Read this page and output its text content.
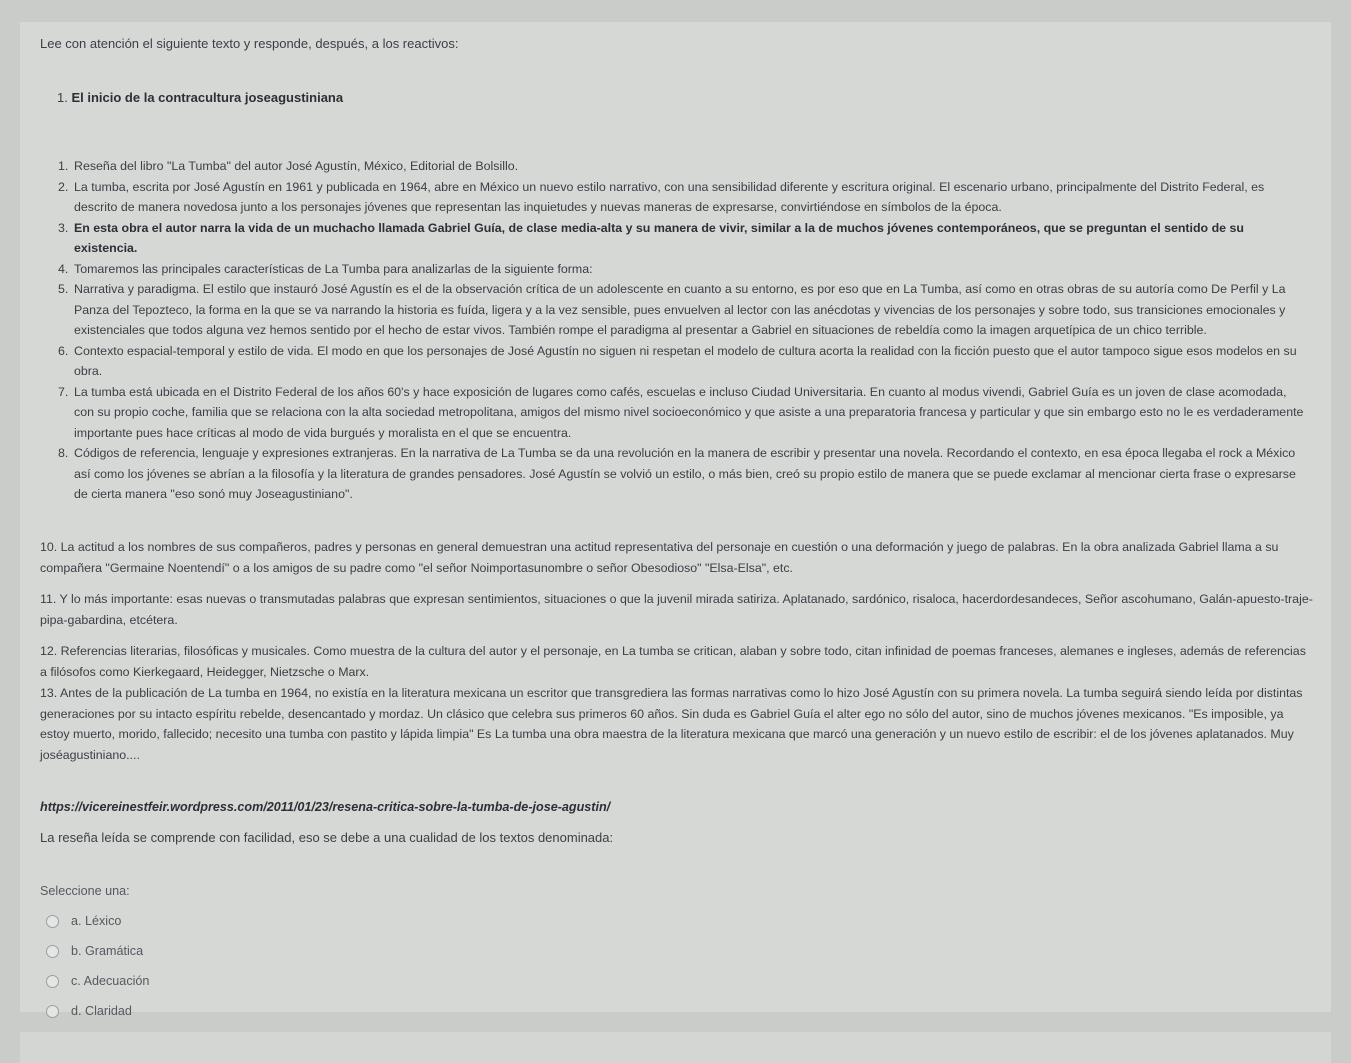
Lee con atención el siguiente texto y responde, después, a los reactivos:
1. El inicio de la contracultura joseagustiniana
1. Reseña del libro "La Tumba" del autor José Agustín, México, Editorial de Bolsillo.
2. La tumba, escrita por José Agustín en 1961 y publicada en 1964, abre en México un nuevo estilo narrativo, con una sensibilidad diferente y escritura original. El escenario urbano, principalmente del Distrito Federal, es descrito de manera novedosa junto a los personajes jóvenes que representan las inquietudes y nuevas maneras de expresarse, convirtiéndose en símbolos de la época.
3. En esta obra el autor narra la vida de un muchacho llamada Gabriel Guía, de clase media-alta y su manera de vivir, similar a la de muchos jóvenes contemporáneos, que se preguntan el sentido de su existencia.
4. Tomaremos las principales características de La Tumba para analizarlas de la siguiente forma:
5. Narrativa y paradigma. El estilo que instauró José Agustín es el de la observación crítica de un adolescente en cuanto a su entorno, es por eso que en La Tumba, así como en otras obras de su autoría como De Perfil y La Panza del Tepozteco, la forma en la que se va narrando la historia es fuída, ligera y a la vez sensible, pues envuelven al lector con las anécdotas y vivencias de los personajes y sobre todo, sus transiciones emocionales y existenciales que todos alguna vez hemos sentido por el hecho de estar vivos. También rompe el paradigma al presentar a Gabriel en situaciones de rebeldía como la imagen arquetípica de un chico terrible.
6. Contexto espacial-temporal y estilo de vida. El modo en que los personajes de José Agustín no siguen ni respetan el modelo de cultura acorta la realidad con la ficción puesto que el autor tampoco sigue esos modelos en su obra.
7. La tumba está ubicada en el Distrito Federal de los años 60's y hace exposición de lugares como cafés, escuelas e incluso Ciudad Universitaria. En cuanto al modus vivendi, Gabriel Guía es un joven de clase acomodada, con su propio coche, familia que se relaciona con la alta sociedad metropolitana, amigos del mismo nivel socioeconómico y que asiste a una preparatoria francesa y particular y que sin embargo esto no le es verdaderamente importante pues hace críticas al modo de vida burgués y moralista en el que se encuentra.
8. Códigos de referencia, lenguaje y expresiones extranjeras. En la narrativa de La Tumba se da una revolución en la manera de escribir y presentar una novela. Recordando el contexto, en esa época llegaba el rock a México así como los jóvenes se abrían a la filosofía y la literatura de grandes pensadores. José Agustín se volvió un estilo, o más bien, creó su propio estilo de manera que se puede exclamar al mencionar cierta frase o expresarse de cierta manera "eso sonó muy Joseagustiniano".
10. La actitud a los nombres de sus compañeros, padres y personas en general demuestran una actitud representativa del personaje en cuestión o una deformación y juego de palabras. En la obra analizada Gabriel llama a su compañera "Germaine Noentendí" o a los amigos de su padre como "el señor Noimportasunombre o señor Obesodioso" "Elsa-Elsa", etc.
11. Y lo más importante: esas nuevas o transmutadas palabras que expresan sentimientos, situaciones o que la juvenil mirada satiriza. Aplatanado, sardónico, risaloca, hacerdordesandeces, Señor ascohumano, Galán-apuesto-traje-pipa-gabardina, etcétera.
12. Referencias literarias, filosóficas y musicales. Como muestra de la cultura del autor y el personaje, en La tumba se critican, alaban y sobre todo, citan infinidad de poemas franceses, alemanes e ingleses, además de referencias a filósofos como Kierkegaard, Heidegger, Nietzsche o Marx.
13. Antes de la publicación de La tumba en 1964, no existía en la literatura mexicana un escritor que transgrediera las formas narrativas como lo hizo José Agustín con su primera novela. La tumba seguirá siendo leída por distintas generaciones por su intacto espíritu rebelde, desencantado y mordaz. Un clásico que celebra sus primeros 60 años. Sin duda es Gabriel Guía el alter ego no sólo del autor, sino de muchos jóvenes mexicanos. "Es imposible, ya estoy muerto, morido, fallecido; necesito una tumba con pastito y lápida limpia" Es La tumba una obra maestra de la literatura mexicana que marcó una generación y un nuevo estilo de escribir: el de los jóvenes aplatanados. Muy joséagustiniano....
https://vicereinestfeir.wordpress.com/2011/01/23/resena-critica-sobre-la-tumba-de-jose-agustin/
La reseña leída se comprende con facilidad, eso se debe a una cualidad de los textos denominada:
Seleccione una:
a. Léxico
b. Gramática
c. Adecuación
d. Claridad
